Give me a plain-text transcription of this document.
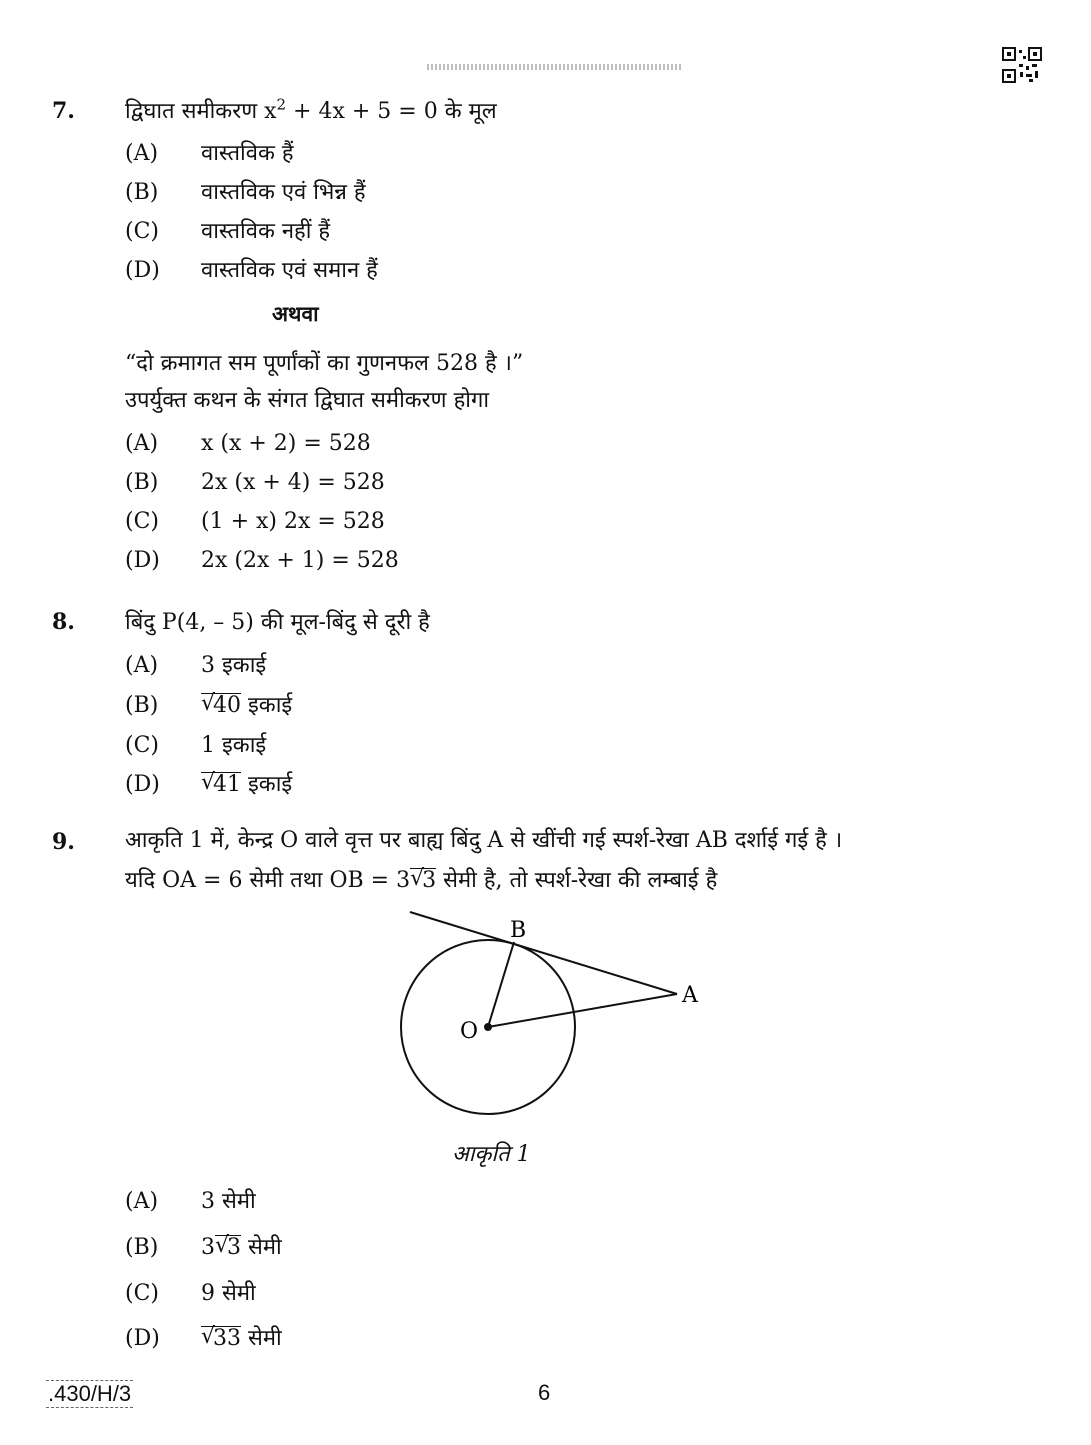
7. द्विघात समीकरण $x^2 + 4x + 5 = 0$ के मूल
(A) वास्तविक हैं
(B) वास्तविक एवं भिन्न हैं
(C) वास्तविक नहीं हैं
(D) वास्तविक एवं समान हैं
अथवा
“दो क्रमागत सम पूर्णांकों का गुणनफल 528 है ।”
उपर्युक्त कथन के संगत द्विघात समीकरण होगा
(A) x (x + 2) = 528
(B) 2x (x + 4) = 528
(C) (1 + x) 2x = 528
(D) 2x (2x + 1) = 528
8. बिंदु P(4, – 5) की मूल-बिंदु से दूरी है
(A) 3 इकाई
(B) √
40 इकाई
(C) 1 इकाई
(D) √
41 इकाई
9. आकृति 1 में, केन्द्र O वाले वृत्त पर बाह्य बिंदु A से खींची गई स्पर्श-रेखा AB दर्शाई गई है ।
यदि OA = 6 सेमी तथा OB = 3 √
3 सेमी है, तो स्पर्श-रेखा की लम्बाई है
B
A
O
आकृति 1
(A) 3 सेमी
(B) 3 √
3 सेमी
(C) 9 सेमी
(D) √
33 सेमी
.430/H/3	6
